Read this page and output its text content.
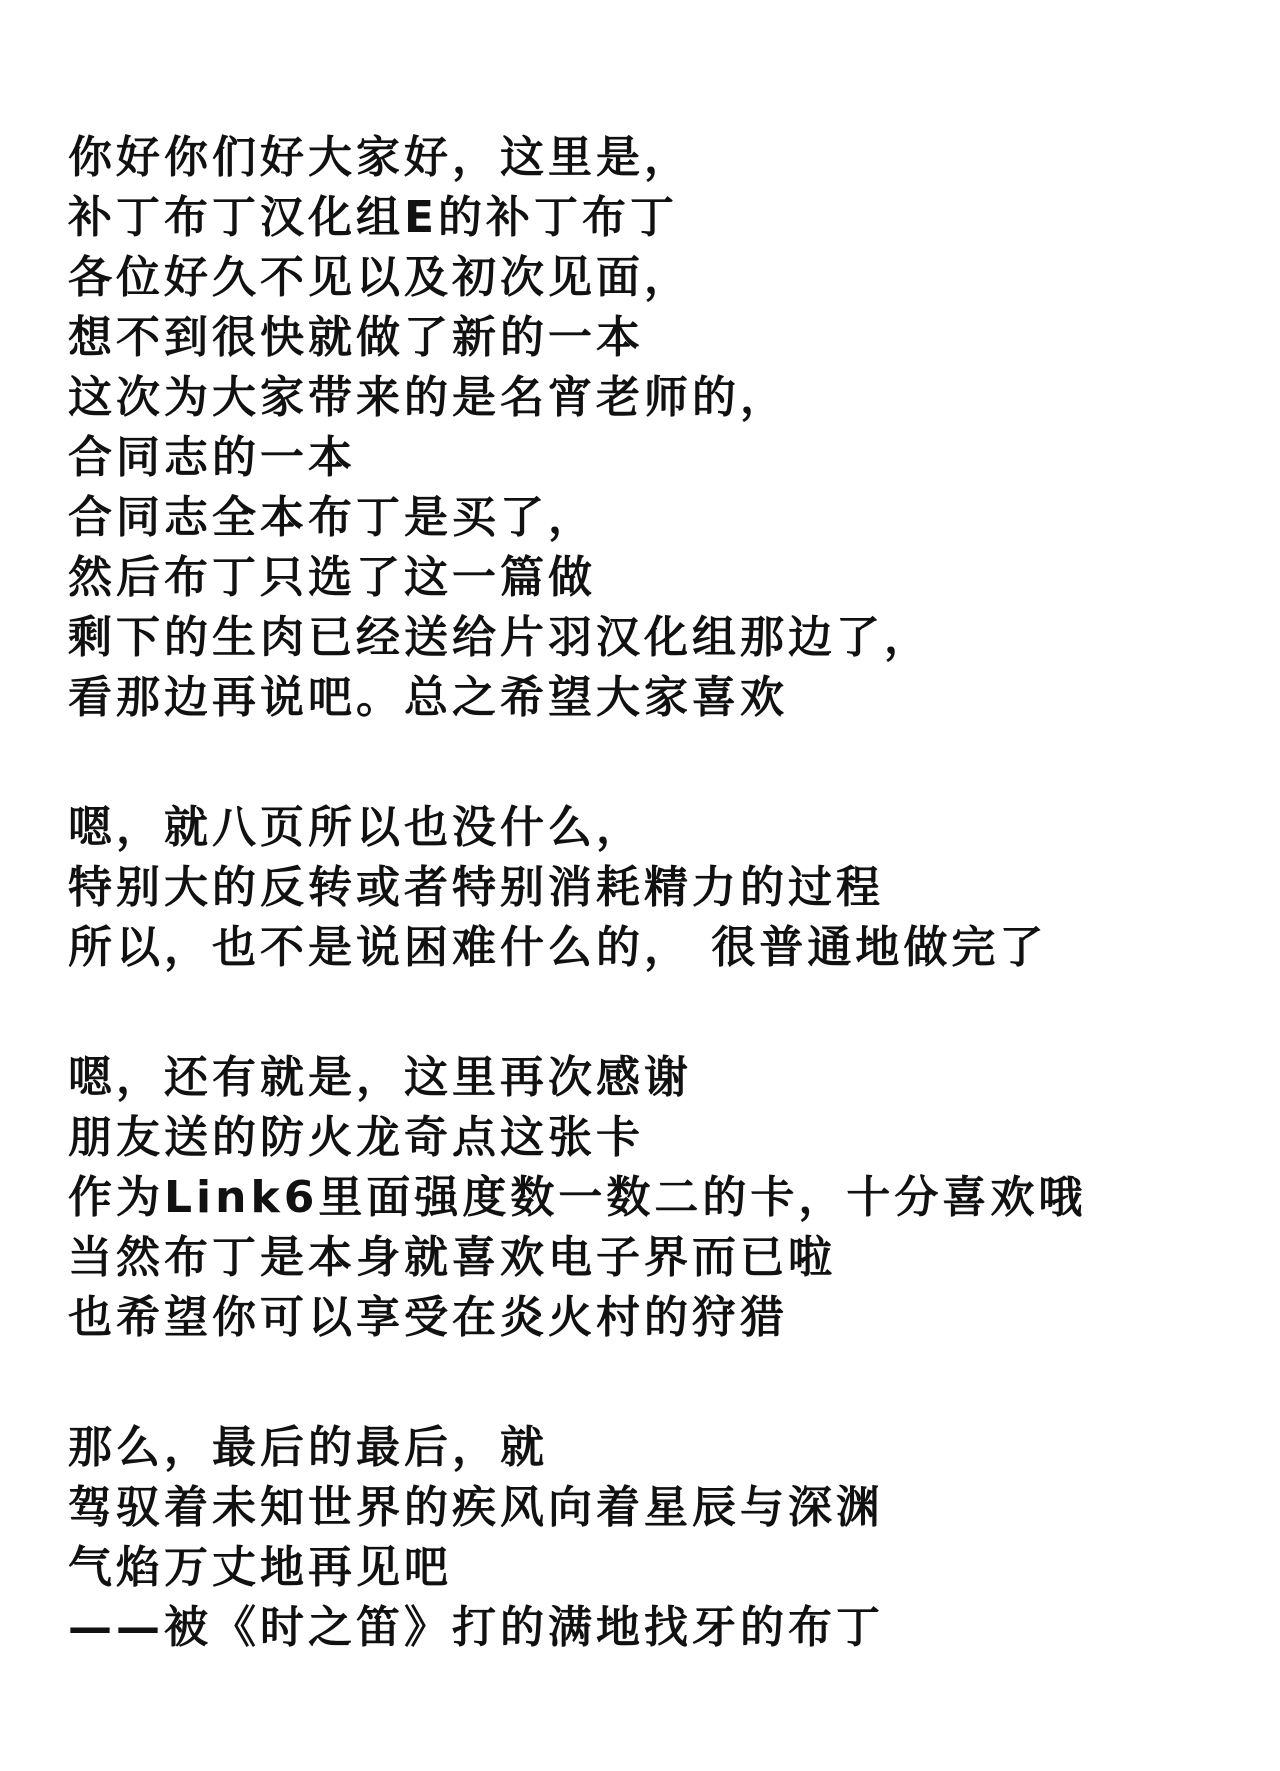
你好你们好大家好，这里是，
补丁布丁汉化组E的补丁布丁
各位好久不见以及初次见面，
想不到很快就做了新的一本
这次为大家带来的是名宵老师的，
合同志的一本
合同志全本布丁是买了，
然后布丁只选了这一篇做
剩下的生肉已经送给片羽汉化组那边了，
看那边再说吧。总之希望大家喜欢
嗯，就八页所以也没什么，
特别大的反转或者特别消耗精力的过程
所以，也不是说困难什么的， 很普通地做完了
嗯，还有就是，这里再次感谢
朋友送的防火龙奇点这张卡
作为Link6里面强度数一数二的卡，十分喜欢哦
当然布丁是本身就喜欢电子界而已啦
也希望你可以享受在炎火村的狩猎
那么，最后的最后，就
驾驭着未知世界的疾风向着星辰与深渊
气焰万丈地再见吧
——被《时之笛》打的满地找牙的布丁
